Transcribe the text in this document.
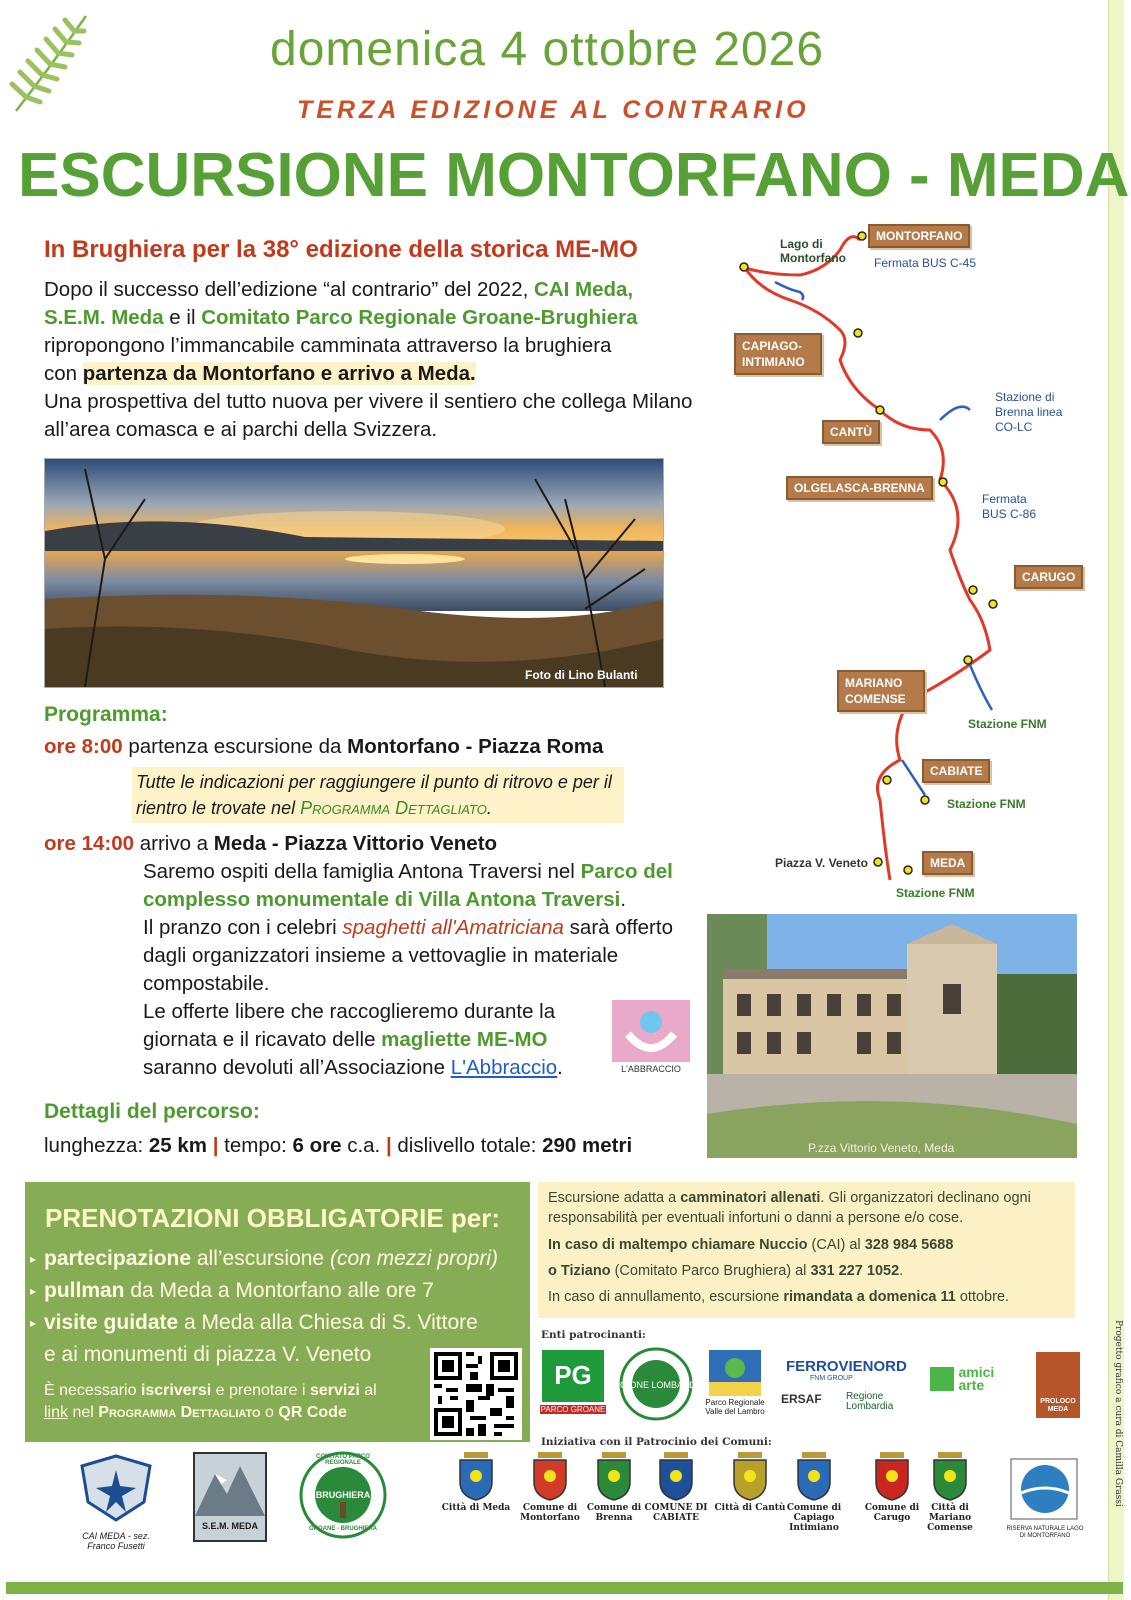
Progetto grafico a cura di Camilla Grassi
domenica 4 ottobre 2026
TERZA EDIZIONE AL CONTRARIO
ESCURSIONE MONTORFANO - MEDA
In Brughiera per la 38° edizione della storica ME-MO
Dopo il successo dell’edizione “al contrario” del 2022, CAI Meda,
S.E.M. Meda e il Comitato Parco Regionale Groane-Brughiera
ripropongono l’immancabile camminata attraverso la brughiera
con partenza da Montorfano e arrivo a Meda.
Una prospettiva del tutto nuova per vivere il sentiero che collega Milano all’area comasca e ai parchi della Svizzera.
Foto di Lino Bulanti
Programma:
ore 8:00 partenza escursione da Montorfano - Piazza Roma
Tutte le indicazioni per raggiungere il punto di ritrovo e per il rientro le trovate nel Programma Dettagliato.
ore 14:00 arrivo a Meda - Piazza Vittorio Veneto
Saremo ospiti della famiglia Antona Traversi nel Parco del complesso monumentale di Villa Antona Traversi.
Il pranzo con i celebri spaghetti all'Amatriciana sarà offerto dagli organizzatori insieme a vettovaglie in materiale compostabile.
Le offerte libere che raccoglieremo durante la giornata e il ricavato delle magliette ME-MO saranno devoluti all’Associazione L'Abbraccio.	L'ABBRACCIO
Dettagli del percorso:
lunghezza: 25 km | tempo: 6 ore c.a. | dislivello totale: 290 metri	P.zza Vittorio Veneto, Meda
MONTORFANO
Lago di Montorfano	Fermata BUS C-45
CAPIAGO- INTIMIANO
CANTÙ
Stazione di Brenna linea CO-LC
OLGELASCA-BRENNA
Fermata BUS C-86
CARUGO
MARIANO COMENSE
Stazione FNM
CABIATE
Stazione FNM
Piazza V. Veneto	MEDA
Stazione FNM
PRENOTAZIONI OBBLIGATORIE per:
▸ partecipazione all’escursione (con mezzi propri)
▸ pullman da Meda a Montorfano alle ore 7
▸ visite guidate a Meda alla Chiesa di S. Vittore
e ai monumenti di piazza V. Veneto
È necessario iscriversi e prenotare i servizi al
link nel Programma Dettagliato o QR Code
Escursione adatta a camminatori allenati. Gli organizzatori declinano ogni responsabilità per eventuali infortuni o danni a persone e/o cose.
In caso di maltempo chiamare Nuccio (CAI) al 328 984 5688
o Tiziano (Comitato Parco Brughiera) al 331 227 1052.
In caso di annullamento, escursione rimandata a domenica 11 ottobre.
Enti patrocinanti:
PG
PARCO GROANE
REGIONE LOMBARDIA
Parco Regionale Valle del Lambro
FERROVIENORD
FNM GROUP
ERSAF Regione Lombardia
amici
arte
PROLOCO MEDA
Iniziativa con il Patrocinio dei Comuni:
Città di Meda	Comune di Montorfano
Comune di Brenna
COMUNE DI CABIATE
Città di Cantù Comune di Capiago Intimiano
Comune di Carugo
Città di Mariano Comense
CAI MEDA - sez. Franco Fusetti
S.E.M. MEDA
COMITATO PARCO REGIONALE
BRUGHIERA
GROANE - BRUGHIERA	RISERVA NATURALE LAGO DI MONTORFANO
